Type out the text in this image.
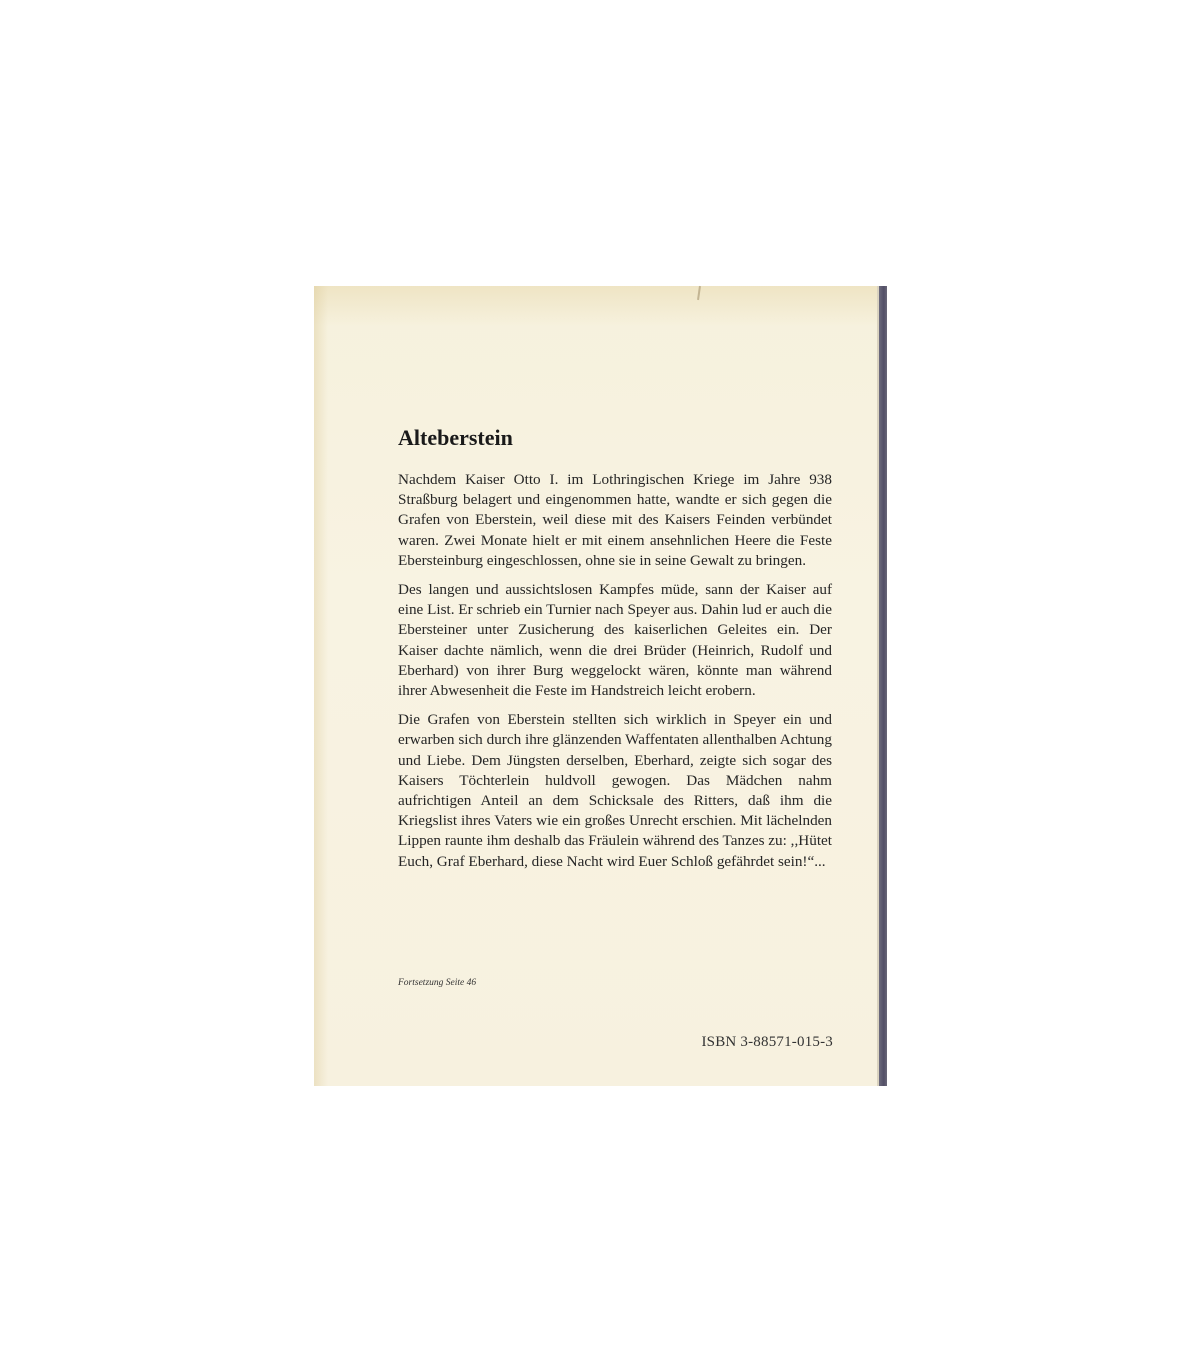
Alteberstein

Nachdem Kaiser Otto I. im Lothringischen Kriege im Jahre 938 Straßburg belagert und eingenommen hatte, wandte er sich gegen die Grafen von Eberstein, weil diese mit des Kaisers Feinden verbündet waren. Zwei Monate hielt er mit einem ansehnlichen Heere die Feste Ebersteinburg eingeschlossen, ohne sie in seine Gewalt zu bringen.

Des langen und aussichtslosen Kampfes müde, sann der Kaiser auf eine List. Er schrieb ein Turnier nach Speyer aus. Dahin lud er auch die Ebersteiner unter Zusicherung des kaiserlichen Geleites ein. Der Kaiser dachte nämlich, wenn die drei Brüder (Heinrich, Rudolf und Eberhard) von ihrer Burg weggelockt wären, könnte man während ihrer Abwesenheit die Feste im Handstreich leicht erobern.

Die Grafen von Eberstein stellten sich wirklich in Speyer ein und erwarben sich durch ihre glänzenden Waffentaten allenthalben Achtung und Liebe. Dem Jüngsten derselben, Eberhard, zeigte sich sogar des Kaisers Töchterlein huldvoll gewogen. Das Mädchen nahm aufrichtigen Anteil an dem Schicksale des Ritters, daß ihm die Kriegslist ihres Vaters wie ein großes Unrecht erschien. Mit lächelnden Lippen raunte ihm deshalb das Fräulein während des Tanzes zu: ,,Hütet Euch, Graf Eberhard, diese Nacht wird Euer Schloß gefährdet sein!“...

Fortsetzung Seite 46

ISBN 3-88571-015-3
